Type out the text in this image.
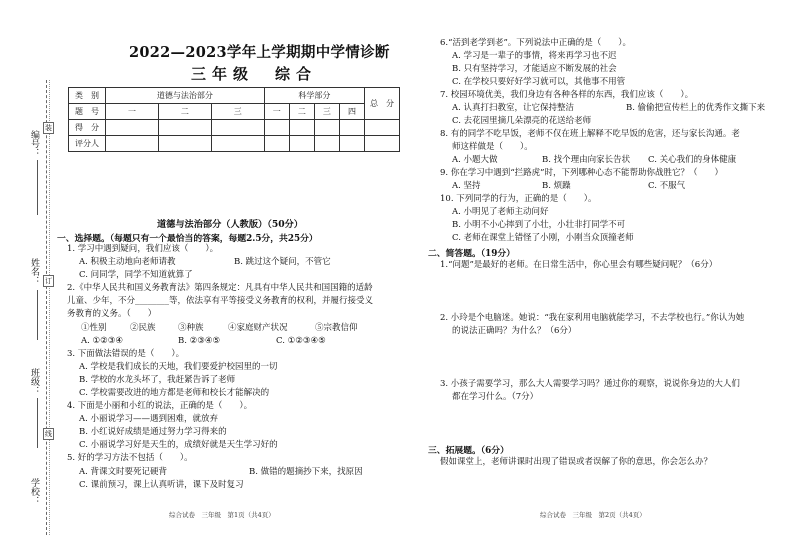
编号：
姓名：
班级：
学校：
装
订
线
2022—2023学年上学期期中学情诊断
三年级　综合
类　别	道德与法治部分			科学部分				总　分
题　号	一	二	三	一	二	三	四	
得　分								
评分人								
道德与法治部分（人教版）（50分）
一、选择题。（每题只有一个最恰当的答案，每题2.5分，共25分）
1. 学习中遇到疑问，我们应该（　　）。
A. 积极主动地向老师请教	B. 跳过这个疑问，不管它
C. 问同学，同学不知道就算了
2.《中华人民共和国义务教育法》第四条规定：凡具有中华人民共和国国籍的适龄
儿童、少年，不分________等，依法享有平等接受义务教育的权利，并履行接受义
务教育的义务。（　　）
①性别	②民族	③种族	④家庭财产状况	⑤宗教信仰
A. ①②③④	B. ②③④⑤	C. ①②③④⑤
3. 下面做法错误的是（　　）。
A. 学校是我们成长的天地，我们要爱护校园里的一切
B. 学校的水龙头坏了，我赶紧告诉了老师
C. 学校需要改进的地方都是老师和校长才能解决的
4. 下面是小丽和小红的说法，正确的是（　　）。
A. 小丽说学习——遇到困难，就放弃
B. 小红说好成绩是通过努力学习得来的
C. 小丽说学习好是天生的，成绩好就是天生学习好的
5. 好的学习方法不包括（　　）。
A. 背课文时要死记硬背	B. 做错的题摘抄下来，找原因
C. 课前预习，课上认真听讲，课下及时复习
综合试卷　三年级　第1页（共4页）
6.“活到老学到老”。下列说法中正确的是（　　）。
A. 学习是一辈子的事情，将来再学习也不迟
B. 只有坚持学习，才能适应不断发展的社会
C. 在学校只要好好学习就可以，其他事不用管
7. 校园环境优美，我们身边有各种各样的东西，我们应该（　　）。
A. 认真打扫教室，让它保持整洁	B. 偷偷把宣传栏上的优秀作文撕下来
C. 去花园里摘几朵漂亮的花送给老师
8. 有的同学不吃早饭，老师不仅在班上解释不吃早饭的危害，还与家长沟通。老
师这样做是（　　）。
A. 小题大做	B. 找个理由向家长告状 C. 关心我们的身体健康
9. 你在学习中遇到“拦路虎”时，下列哪种心态不能帮助你战胜它？（　　）
A. 坚持	B. 烦躁	C. 不服气
10. 下列同学的行为，正确的是（　　）。
A. 小明见了老师主动问好
B. 小明不小心摔到了小壮，小壮非打同学不可
C. 老师在课堂上错怪了小刚，小刚当众顶撞老师
二、简答题。（19分）
1.“问题”是最好的老师。在日常生活中，你心里会有哪些疑问呢？（6分）
2. 小玲是个电脑迷。她说：“我在家利用电脑就能学习，不去学校也行。”你认为她
的说法正确吗？为什么？（6分）
3. 小孩子需要学习，那么大人需要学习吗？通过你的观察，说说你身边的大人们
都在学习什么。（7分）
三、拓展题。（6分）
假如课堂上，老师讲课时出现了错误或者误解了你的意思，你会怎么办？
综合试卷　三年级　第2页（共4页）
